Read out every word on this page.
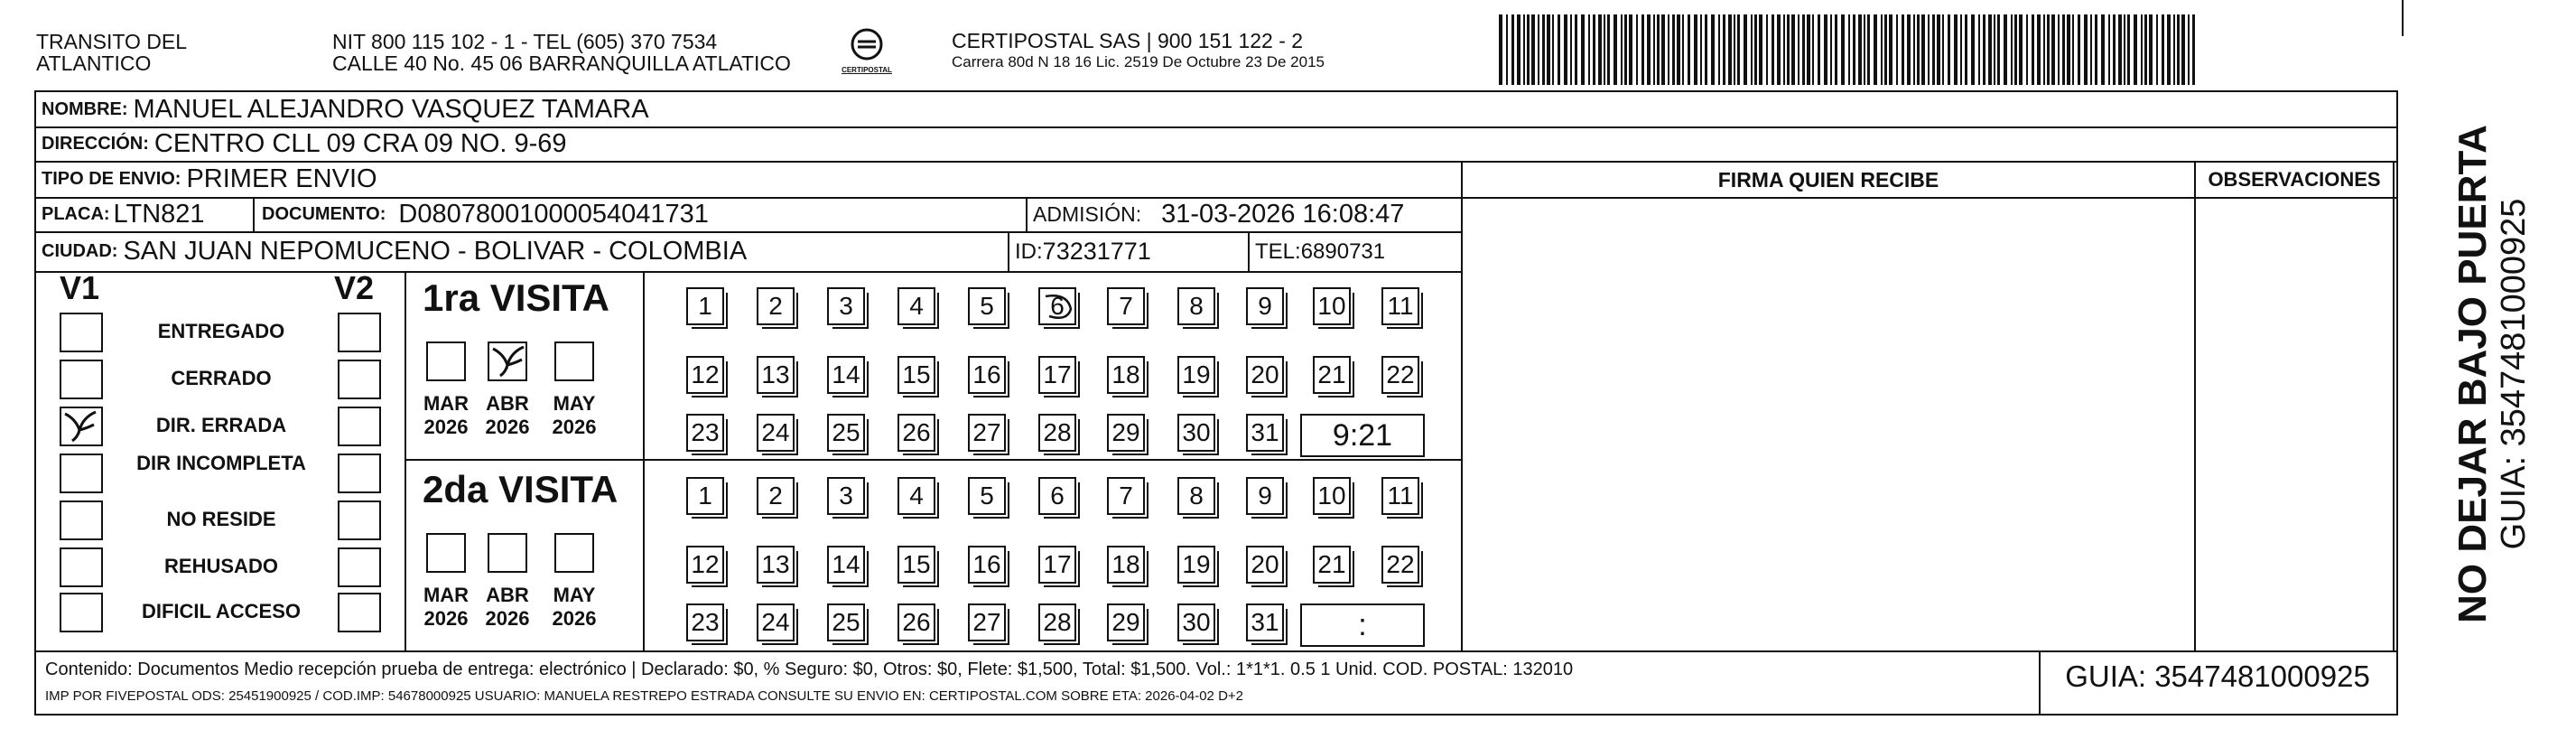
TRANSITO DEL
ATLANTICO
NIT 800 115 102 - 1 - TEL (605) 370 7534
CALLE 40 No. 45 06 BARRANQUILLA ATLATICO	CERTIPOSTAL
CERTIPOSTAL SAS | 900 151 122 - 2
Carrera 80d N 18 16 Lic. 2519 De Octubre 23 De 2015
NOMBRE: MANUEL ALEJANDRO VASQUEZ TAMARA
DIRECCIÓN: CENTRO CLL 09 CRA 09 NO. 9-69
TIPO DE ENVIO: PRIMER ENVIO
PLACA: LTN821	DOCUMENTO: D08078001000054041731	ADMISIÓN: 31-03-2026 16:08:47
CIUDAD: SAN JUAN NEPOMUCENO - BOLIVAR - COLOMBIA	ID: 73231771	TEL: 6890731
FIRMA QUIEN RECIBE	OBSERVACIONES
V1	V2 1ra VISITA
2da VISITA
Contenido: Documentos Medio recepción prueba de entrega: electrónico | Declarado: $0, % Seguro: $0, Otros: $0, Flete: $1,500, Total: $1,500. Vol.: 1*1*1. 0.5 1 Unid. COD. POSTAL: 132010
IMP POR FIVEPOSTAL ODS: 25451900925 / COD.IMP: 54678000925 USUARIO: MANUELA RESTREPO ESTRADA CONSULTE SU ENVIO EN: CERTIPOSTAL.COM SOBRE ETA: 2026-04-02 D+2
GUIA: 3547481000925
NO DEJAR BAJO PUERTA GUIA: 3547481000925
ENTREGADO
CERRADO
DIR. ERRADA
DIR INCOMPLETA
NO RESIDE
REHUSADO
DIFICIL ACCESO
MAR
2026
ABR
2026
MAY
2026
MAR
2026
ABR
2026
MAY
2026
1	2	3	4	5	6	7	8	9	10 11
12 13 14 15 16 17 18 19 20 21 22
23 24 25 26 27 28 29 30 31	9:21
1	2	3	4	5	6	7	8	9	10 11
12 13 14 15 16 17 18 19 20 21 22
23 24 25 26 27 28 29 30 31	:
